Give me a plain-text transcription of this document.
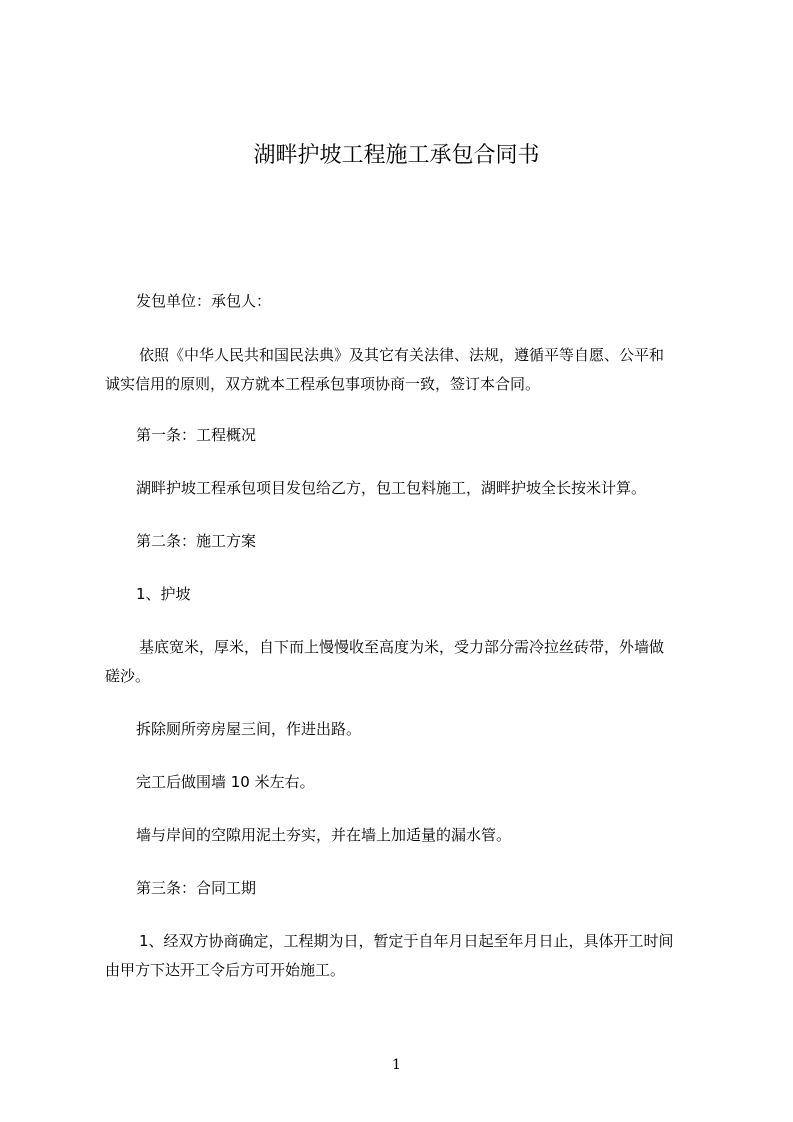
湖畔护坡工程施工承包合同书
发包单位：承包人：
依照《中华人民共和国民法典》及其它有关法律、法规，遵循平等自愿、公平和
诚实信用的原则，双方就本工程承包事项协商一致，签订本合同。
第一条：工程概况
湖畔护坡工程承包项目发包给乙方，包工包料施工，湖畔护坡全长按米计算。
第二条：施工方案
1、护坡
基底宽米，厚米，自下而上慢慢收至高度为米，受力部分需冷拉丝砖带，外墙做
磋沙。
拆除厕所旁房屋三间，作进出路。
完工后做围墙 10 米左右。
墙与岸间的空隙用泥土夯实，并在墙上加适量的漏水管。
第三条：合同工期
1、经双方协商确定，工程期为日，暂定于自年月日起至年月日止，具体开工时间
由甲方下达开工令后方可开始施工。
1
